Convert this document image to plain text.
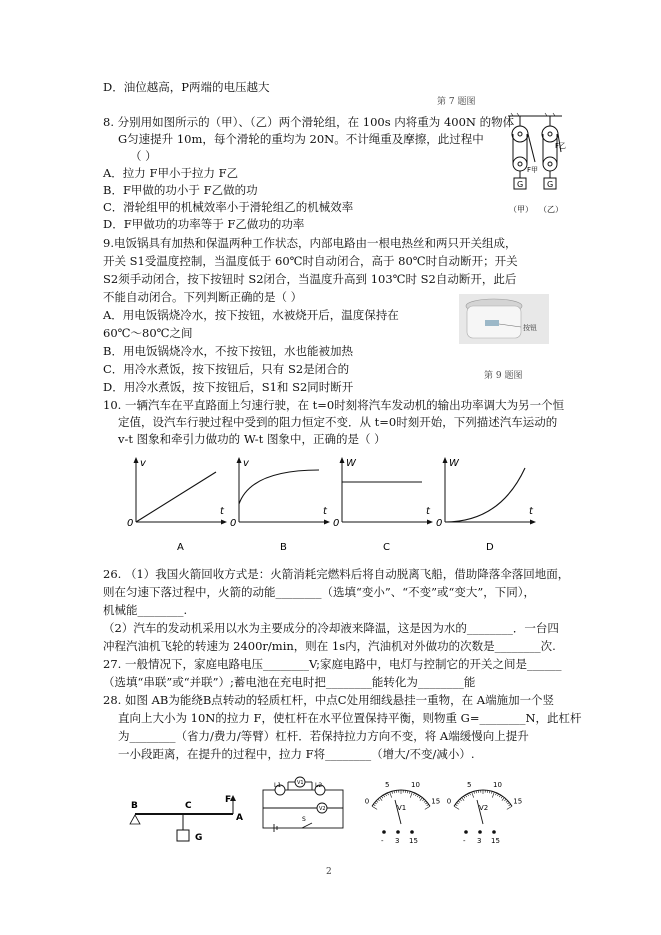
D．油位越高，P两端的电压越大
第 7 题图
8. 分别用如图所示的（甲）、（乙）两个滑轮组，在 100s 内将重为 400N 的物体
G匀速提升 10m，每个滑轮的重均为 20N。不计绳重及摩擦，此过程中
（ ）
A．拉力 F甲小于拉力 F乙
B．F甲做的功小于 F乙做的功
C．滑轮组甲的机械效率小于滑轮组乙的机械效率
D．F甲做功的功率等于 F乙做功的功率
9.电饭锅具有加热和保温两种工作状态，内部电路由一根电热丝和两只开关组成，
开关 S1受温度控制，当温度低于 60℃时自动闭合，高于 80℃时自动断开；开关
S2须手动闭合，按下按钮时 S2闭合，当温度升高到 103℃时 S2自动断开，此后
不能自动闭合。下列判断正确的是（ ）
A．用电饭锅烧冷水，按下按钮，水被烧开后，温度保持在
60℃～80℃之间
B．用电饭锅烧冷水，不按下按钮，水也能被加热
C．用冷水煮饭，按下按钮后，只有 S2是闭合的
D．用冷水煮饭，按下按钮后，S1和 S2同时断开
第 9 题图
10. 一辆汽车在平直路面上匀速行驶，在 t=0时刻将汽车发动机的输出功率调大为另一个恒
定值，设汽车行驶过程中受到的阻力恒定不变．从 t=0时刻开始，下列描述汽车运动的
v-t 图象和牵引力做功的 W-t 图象中，正确的是（ ）
26. （1）我国火箭回收方式是：火箭消耗完燃料后将自动脱离飞船，借助降落伞落回地面，
则在匀速下落过程中，火箭的动能________（选填“变小”、“不变”或“变大”，下同），
机械能________.
（2）汽车的发动机采用以水为主要成分的冷却液来降温，这是因为水的________．一台四
冲程汽油机飞轮的转速为 2400r/min，则在 1s内，汽油机对外做功的次数是________次.
27. 一般情况下，家庭电路电压________V;家庭电路中，电灯与控制它的开关之间是______
（选填“串联”或“并联”）;蓄电池在充电时把________能转化为________能
28. 如图 AB为能绕B点转动的轻质杠杆，中点C处用细线悬挂一重物，在 A端施加一个竖
直向上大小为 10N的拉力 F，使杠杆在水平位置保持平衡，则物重 G=________N，此杠杆
为________（省力/费力/等臂）杠杆．若保持拉力方向不变，将 A端缓慢向上提升
一小段距离，在提升的过程中，拉力 F将________（增大/不变/减小）.
2
G	G
F甲
F乙
（甲） （乙）
按钮
v
t
0
A
v
t
0
B
W
t
0
C
W
t
0
D
B	C
A
F
G
L1	L2
V1
V2
S
0
5	10
15
V1
- 3 15
0
5	10
15
V2
- 3 15
